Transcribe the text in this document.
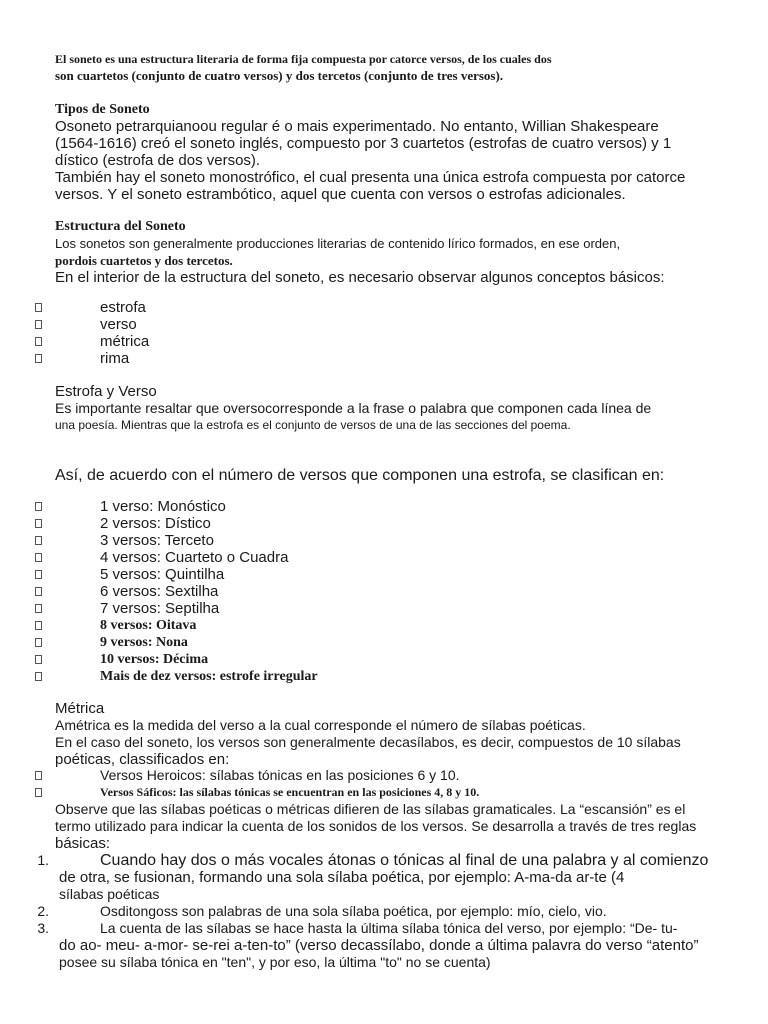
El soneto es una estructura literaria de forma fija compuesta por catorce versos, de los cuales dos
son cuartetos (conjunto de cuatro versos) y dos tercetos (conjunto de tres versos).
Tipos de Soneto
Osoneto petrarquianoou regular é o mais experimentado. No entanto, Willian Shakespeare
(1564-1616) creó el soneto inglés, compuesto por 3 cuartetos (estrofas de cuatro versos) y 1
dístico (estrofa de dos versos).
También hay el soneto monostrófico, el cual presenta una única estrofa compuesta por catorce
versos. Y el soneto estrambótico, aquel que cuenta con versos o estrofas adicionales.
Estructura del Soneto
Los sonetos son generalmente producciones literarias de contenido lírico formados, en ese orden,
pordois cuartetos y dos tercetos.
En el interior de la estructura del soneto, es necesario observar algunos conceptos básicos:
estrofa
verso
métrica
rima
Estrofa y Verso
Es importante resaltar que oversocorresponde a la frase o palabra que componen cada línea de
una poesía. Mientras que la estrofa es el conjunto de versos de una de las secciones del poema.
Así, de acuerdo con el número de versos que componen una estrofa, se clasifican en:
1 verso: Monóstico
2 versos: Dístico
3 versos: Terceto
4 versos: Cuarteto o Cuadra
5 versos: Quintilha
6 versos: Sextilha
7 versos: Septilha
8 versos: Oitava
9 versos: Nona
10 versos: Décima
Mais de dez versos: estrofe irregular
Métrica
Amétrica es la medida del verso a la cual corresponde el número de sílabas poéticas.
En el caso del soneto, los versos son generalmente decasílabos, es decir, compuestos de 10 sílabas
poéticas, classificados en:
Versos Heroicos: sílabas tónicas en las posiciones 6 y 10.
Versos Sáficos: las sílabas tónicas se encuentran en las posiciones 4, 8 y 10.
Observe que las sílabas poéticas o métricas difieren de las sílabas gramaticales. La “escansión” es el
termo utilizado para indicar la cuenta de los sonidos de los versos. Se desarrolla a través de tres reglas
básicas:
1.	Cuando hay dos o más vocales átonas o tónicas al final de una palabra y al comienzo
de otra, se fusionan, formando una sola sílaba poética, por ejemplo: A-ma-da ar-te (4
sílabas poéticas
2.	Osditongoss son palabras de una sola sílaba poética, por ejemplo: mío, cielo, vio.
3.	La cuenta de las sílabas se hace hasta la última sílaba tónica del verso, por ejemplo: “De- tu-
do ao- meu- a-mor- se-rei a-ten-to” (verso decassílabo, donde a última palavra do verso “atento”
posee su sílaba tónica en "ten", y por eso, la última "to" no se cuenta)
